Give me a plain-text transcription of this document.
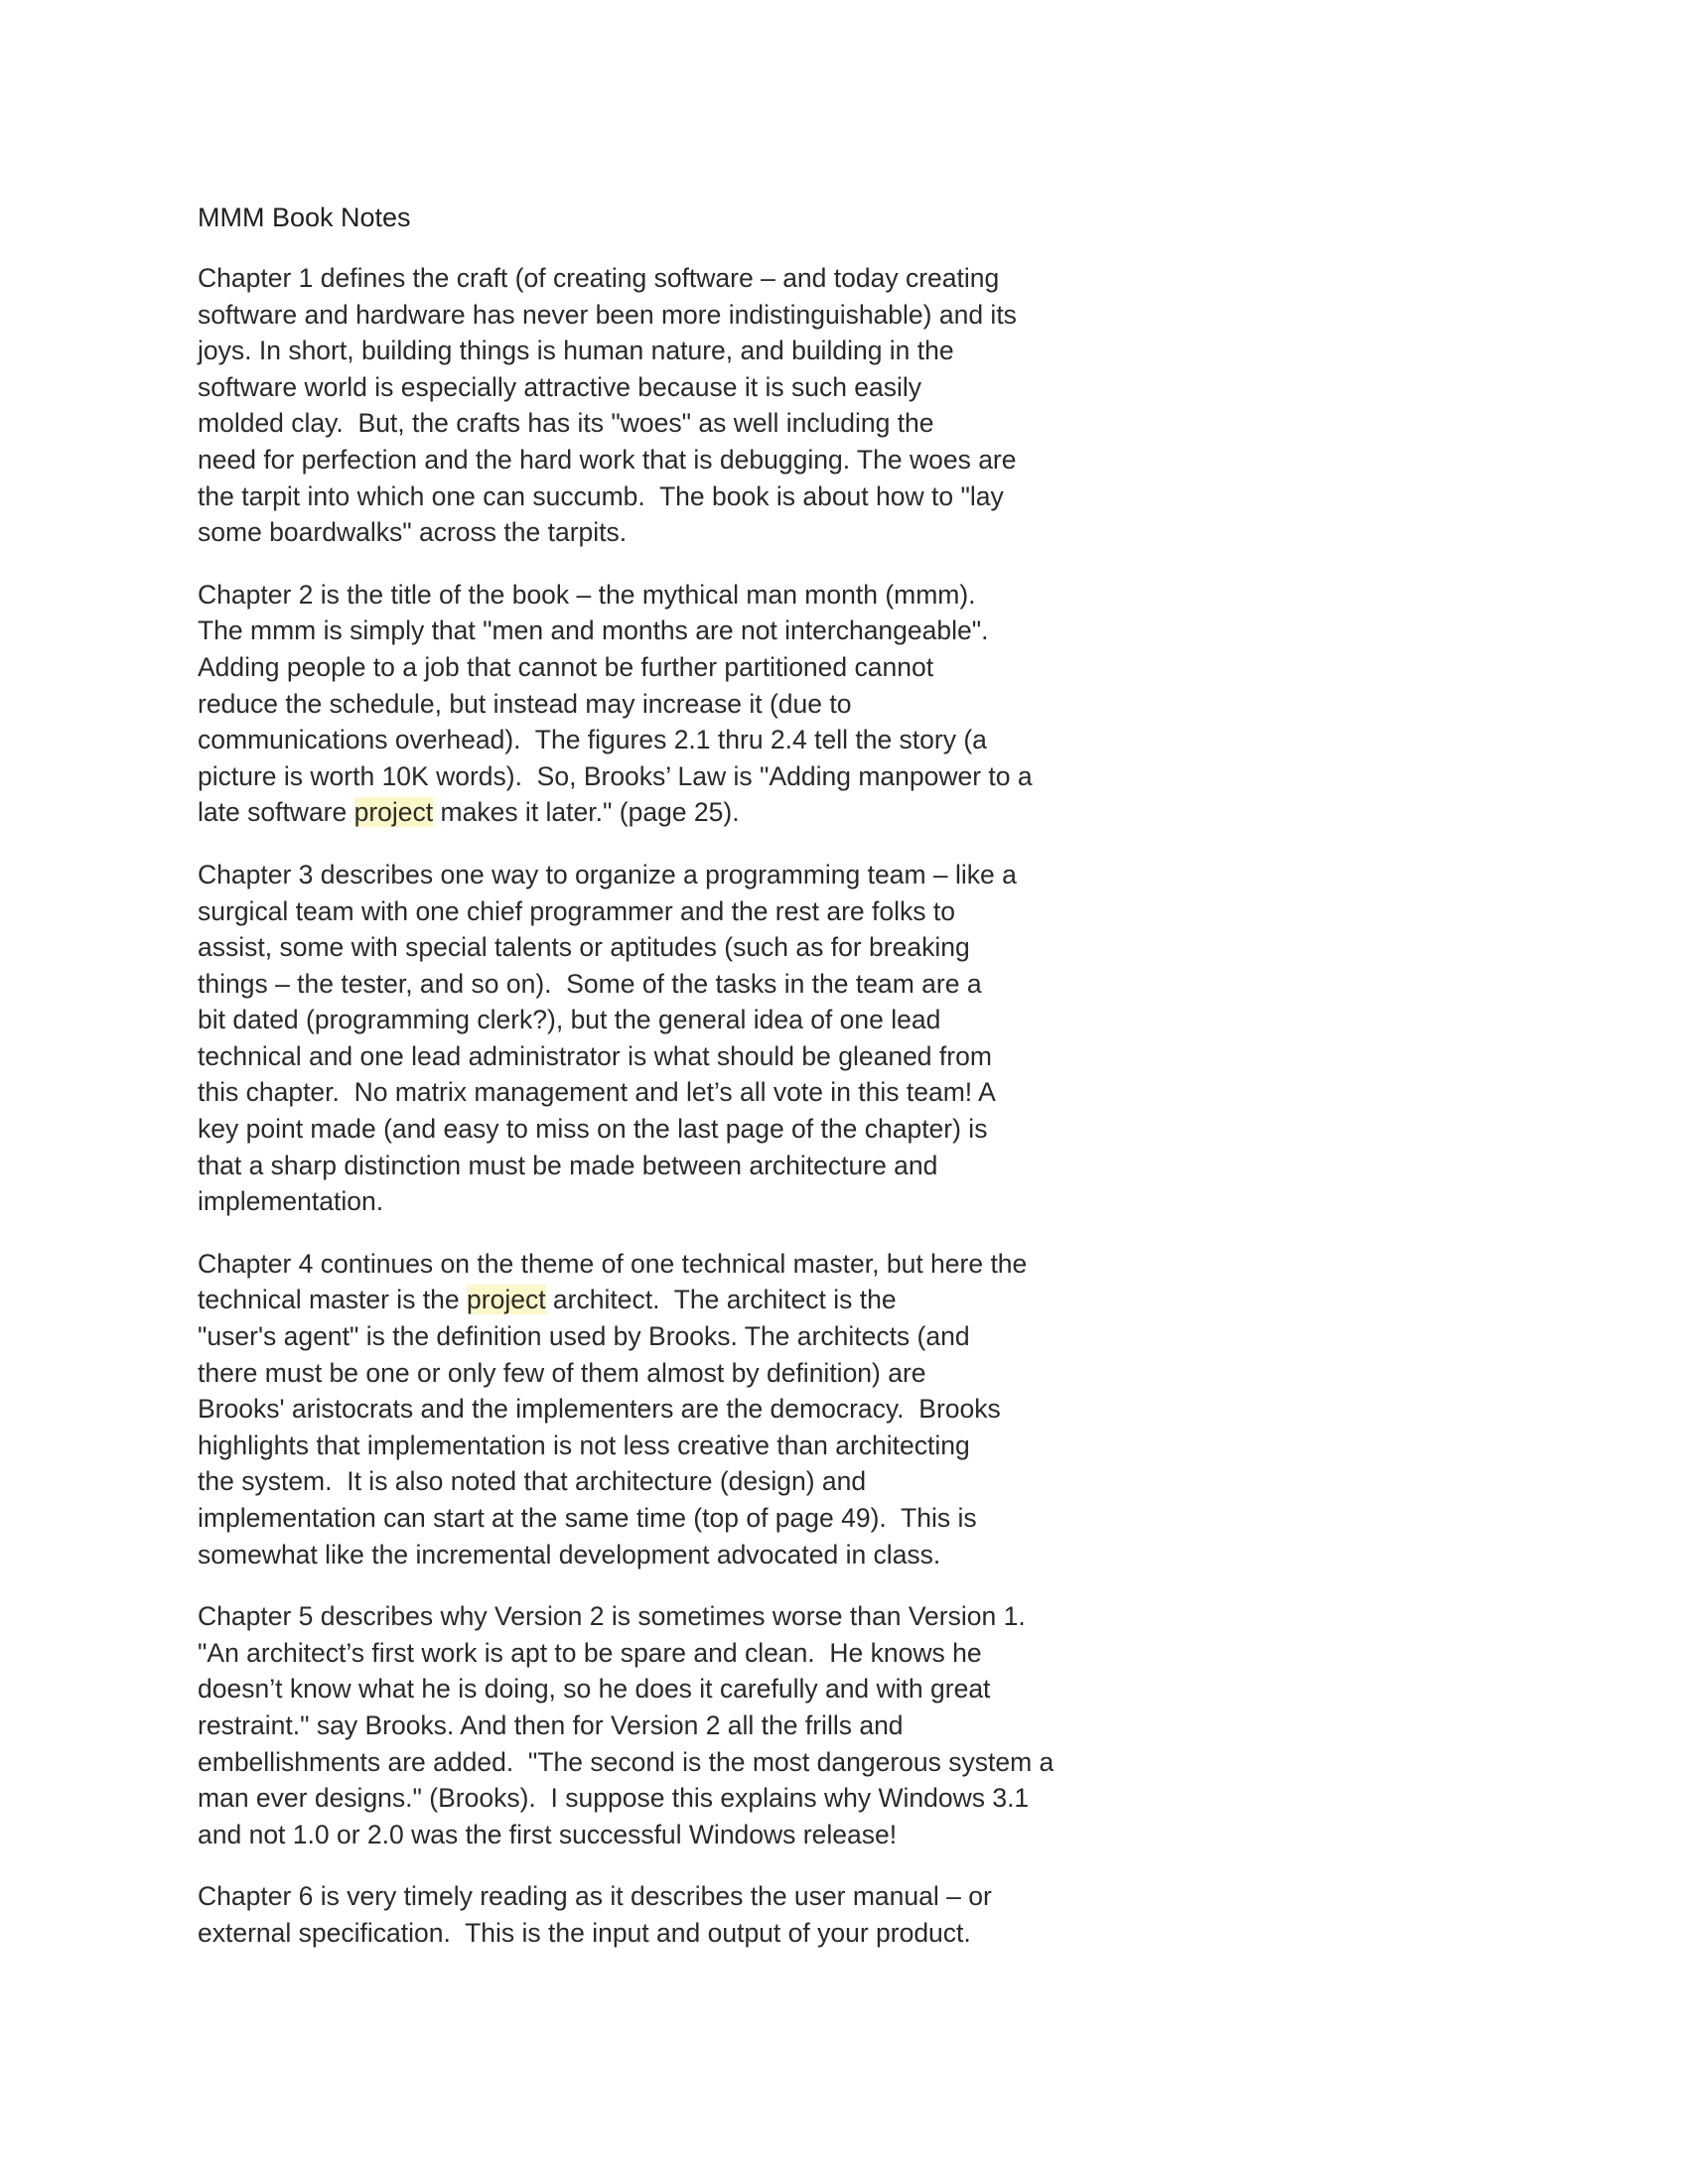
MMM Book Notes
Chapter 1 defines the craft (of creating software – and today creating
software and hardware has never been more indistinguishable) and its
joys. In short, building things is human nature, and building in the
software world is especially attractive because it is such easily
molded clay.  But, the crafts has its "woes" as well including the
need for perfection and the hard work that is debugging. The woes are
the tarpit into which one can succumb.  The book is about how to "lay
some boardwalks" across the tarpits.
Chapter 2 is the title of the book – the mythical man month (mmm).
The mmm is simply that "men and months are not interchangeable".
Adding people to a job that cannot be further partitioned cannot
reduce the schedule, but instead may increase it (due to
communications overhead).  The figures 2.1 thru 2.4 tell the story (a
picture is worth 10K words).  So, Brooks’ Law is "Adding manpower to a
late software project makes it later." (page 25).
Chapter 3 describes one way to organize a programming team – like a
surgical team with one chief programmer and the rest are folks to
assist, some with special talents or aptitudes (such as for breaking
things – the tester, and so on).  Some of the tasks in the team are a
bit dated (programming clerk?), but the general idea of one lead
technical and one lead administrator is what should be gleaned from
this chapter.  No matrix management and let’s all vote in this team! A
key point made (and easy to miss on the last page of the chapter) is
that a sharp distinction must be made between architecture and
implementation.
Chapter 4 continues on the theme of one technical master, but here the
technical master is the project architect.  The architect is the
"user's agent" is the definition used by Brooks. The architects (and
there must be one or only few of them almost by definition) are
Brooks' aristocrats and the implementers are the democracy.  Brooks
highlights that implementation is not less creative than architecting
the system.  It is also noted that architecture (design) and
implementation can start at the same time (top of page 49).  This is
somewhat like the incremental development advocated in class.
Chapter 5 describes why Version 2 is sometimes worse than Version 1.
"An architect’s first work is apt to be spare and clean.  He knows he
doesn’t know what he is doing, so he does it carefully and with great
restraint." say Brooks. And then for Version 2 all the frills and
embellishments are added.  "The second is the most dangerous system a
man ever designs." (Brooks).  I suppose this explains why Windows 3.1
and not 1.0 or 2.0 was the first successful Windows release!
Chapter 6 is very timely reading as it describes the user manual – or
external specification.  This is the input and output of your product.
